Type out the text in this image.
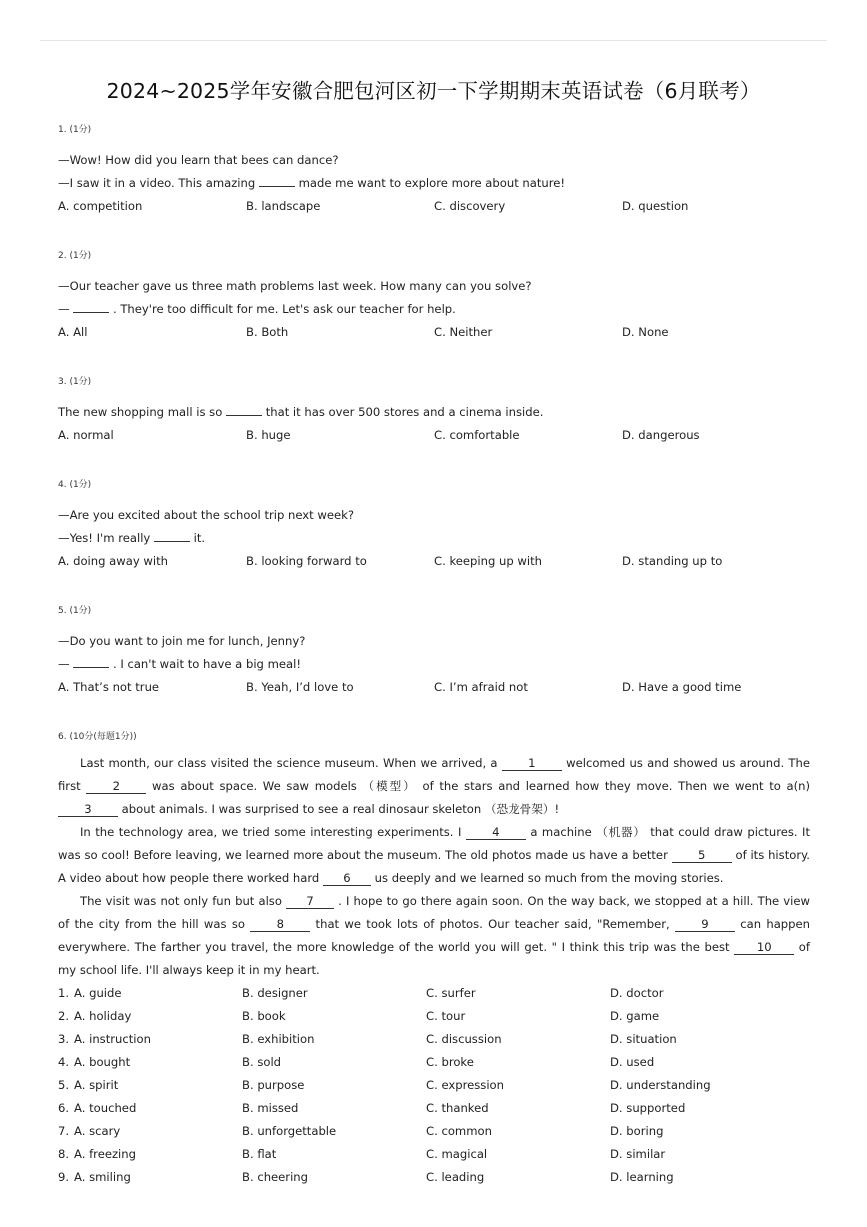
2024~2025学年安徽合肥包河区初一下学期期末英语试卷（6月联考）
1. (1分)
—Wow! How did you learn that bees can dance?
—I saw it in a video. This amazing	made me want to explore more about nature!
A. competition	B. landscape	C. discovery	D. question
2. (1分)
—Our teacher gave us three math problems last week. How many can you solve?
—	. They're too difficult for me. Let's ask our teacher for help.
A. All	B. Both	C. Neither	D. None
3. (1分)
The new shopping mall is so	that it has over 500 stores and a cinema inside.
A. normal	B. huge	C. comfortable	D. dangerous
4. (1分)
—Are you excited about the school trip next week?
—Yes! I'm really	it.
A. doing away with	B. looking forward to	C. keeping up with	D. standing up to
5. (1分)
—Do you want to join me for lunch, Jenny?
—	. I can't wait to have a big meal!
A. That’s not true	B. Yeah, I’d love to	C. I’m afraid not	D. Have a good time
6. (10分(每题1分))

Last month, our class visited the science museum. When we arrived, a 1 welcomed us and showed us around. The first 2 was about space. We saw models （模型） of the stars and learned how they move. Then we went to a(n) 3 about animals. I was surprised to see a real dinosaur skeleton （恐龙骨架）!

In the technology area, we tried some interesting experiments. I 4 a machine （机器） that could draw pictures. It was so cool! Before leaving, we learned more about the museum. The old photos made us have a better 5 of its history. A video about how people there worked hard 6 us deeply and we learned so much from the moving stories.

The visit was not only fun but also 7 . I hope to go there again soon. On the way back, we stopped at a hill. The view of the city from the hill was so 8 that we took lots of photos. Our teacher said, "Remember, 9 can happen everywhere. The farther you travel, the more knowledge of the world you will get. " I think this trip was the best 10 of my school life. I'll always keep it in my heart.

1. A. guide	B. designer	C. surfer	D. doctor
2. A. holiday	B. book	C. tour	D. game
3. A. instruction	B. exhibition	C. discussion	D. situation
4. A. bought	B. sold	C. broke	D. used
5. A. spirit	B. purpose	C. expression	D. understanding
6. A. touched	B. missed	C. thanked	D. supported
7. A. scary	B. unforgettable	C. common	D. boring
8. A. freezing	B. flat	C. magical	D. similar
9. A. smiling	B. cheering	C. leading	D. learning
